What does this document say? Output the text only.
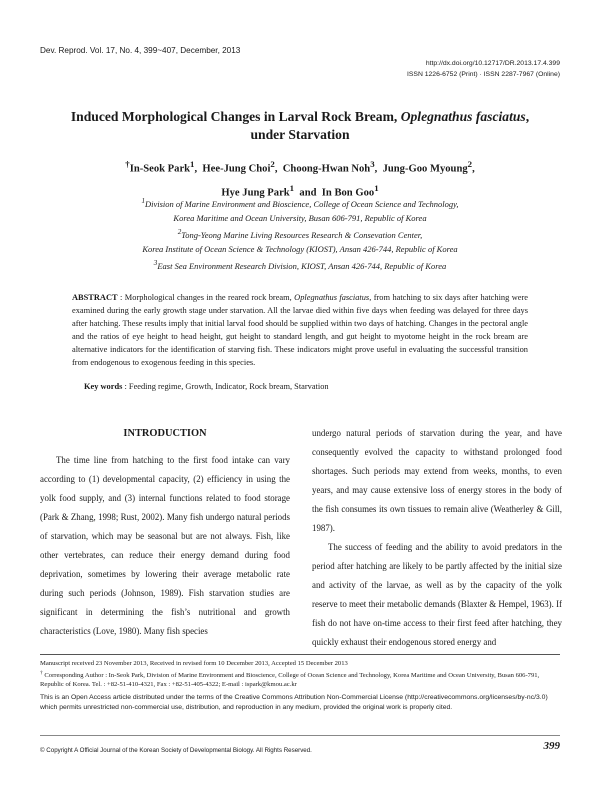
Dev. Reprod. Vol. 17, No. 4, 399~407, December, 2013
http://dx.doi.org/10.12717/DR.2013.17.4.399
ISSN 1226-6752 (Print) · ISSN 2287-7967 (Online)
Induced Morphological Changes in Larval Rock Bream, Oplegnathus fasciatus,
under Starvation
†In-Seok Park$^1$,  Hee-Jung Choi$^2$,  Choong-Hwan Noh$^3$,  Jung-Goo Myoung$^2$,
Hye Jung Park$^1$ and In Bon Goo$^1$
$^1$Division of Marine Environment and Bioscience, College of Ocean Science and Technology,
Korea Maritime and Ocean University, Busan 606-791, Republic of Korea
$^2$Tong-Yeong Marine Living Resources Research & Consevation Center,
Korea Institute of Ocean Science & Technology (KIOST), Ansan 426-744, Republic of Korea
$^3$East Sea Environment Research Division, KIOST, Ansan 426-744, Republic of Korea
ABSTRACT : Morphological changes in the reared rock bream, Oplegnathus fasciatus, from hatching to six days after hatching were examined during the early growth stage under starvation. All the larvae died within five days when feeding was delayed for three days after hatching. These results imply that initial larval food should be supplied within two days of hatching. Changes in the pectoral angle and the ratios of eye height to head height, gut height to standard length, and gut height to myotome height in the rock bream are alternative indicators for the identification of starving fish. These indicators might prove useful in evaluating the successful transition from endogenous to exogenous feeding in this species.
Key words : Feeding regime, Growth, Indicator, Rock bream, Starvation
INTRODUCTION

The time line from hatching to the first food intake can vary according to (1) developmental capacity, (2) efficiency in using the yolk food supply, and (3) internal functions related to food storage (Park & Zhang, 1998; Rust, 2002). Many fish undergo natural periods of starvation, which may be seasonal but are not always. Fish, like other vertebrates, can reduce their energy demand during food deprivation, sometimes by lowering their average metabolic rate during such periods (Johnson, 1989). Fish starvation studies are significant in determining the fish’s nutritional and growth characteristics (Love, 1980). Many fish species

undergo natural periods of starvation during the year, and have consequently evolved the capacity to withstand prolonged food shortages. Such periods may extend from weeks, months, to even years, and may cause extensive loss of energy stores in the body of the fish consumes its own tissues to remain alive (Weatherley & Gill, 1987).

The success of feeding and the ability to avoid predators in the period after hatching are likely to be partly affected by the initial size and activity of the larvae, as well as by the capacity of the yolk reserve to meet their metabolic demands (Blaxter & Hempel, 1963). If fish do not have on-time access to their first feed after hatching, they quickly exhaust their endogenous stored energy and

Manuscript received 23 November 2013, Received in revised form 10 December 2013, Accepted 15 December 2013

† Corresponding Author : In-Seok Park, Division of Marine Environment and Bioscience, College of Ocean Science and Technology, Korea Maritime and Ocean University, Busan 606-791, Republic of Korea. Tel. : +82-51-410-4321, Fax : +82-51-405-4322; E-mail : ispark@kmou.ac.kr

This is an Open Access article distributed under the terms of the Creative Commons Attribution Non-Commercial License (http://creativecommons.org/licenses/by-nc/3.0) which permits unrestricted non-commercial use, distribution, and reproduction in any medium, provided the original work is properly cited.
© Copyright A Official Journal of the Korean Society of Developmental Biology. All Rights Reserved.	399
